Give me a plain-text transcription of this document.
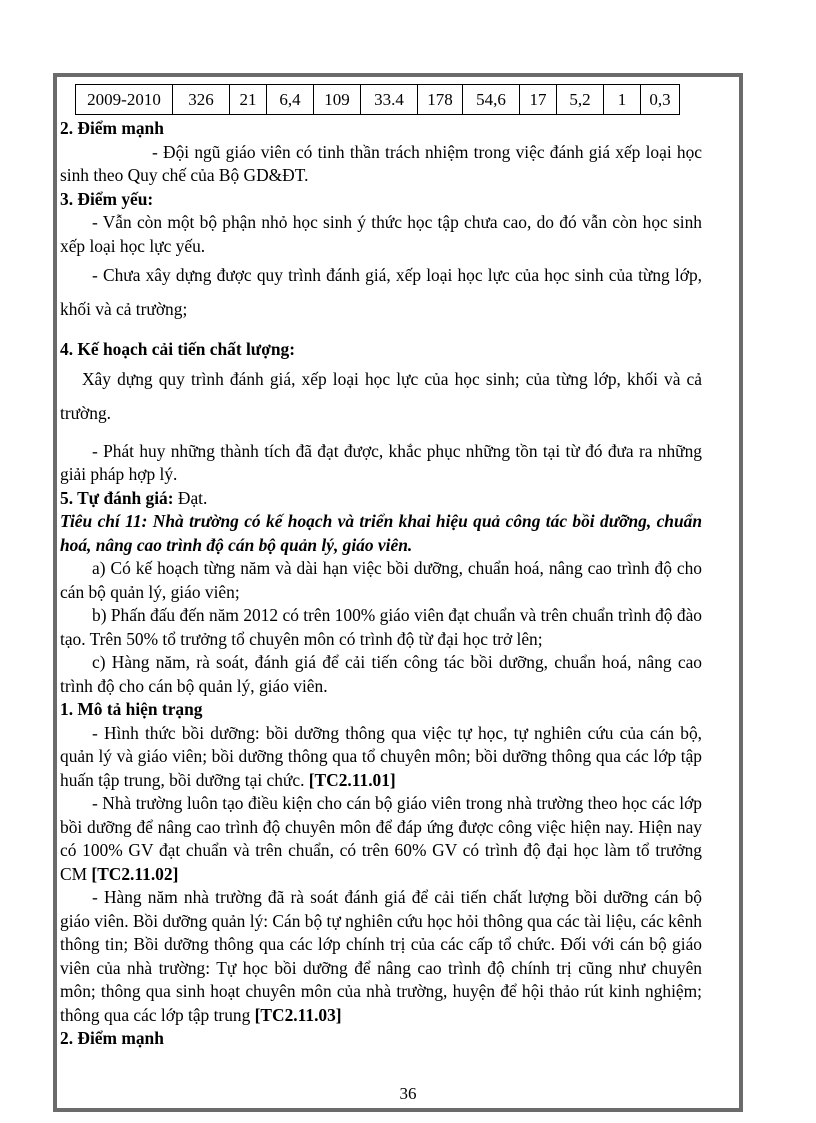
2009-2010	326	21	6,4	109	33.4	178	54,6	17	5,2	1	0,3

2. Điểm mạnh

- Đội ngũ giáo viên có tinh thần trách nhiệm trong việc đánh giá xếp loại học sinh theo Quy chế của Bộ GD&ĐT.

3. Điểm yếu:

- Vẫn còn một bộ phận nhỏ học sinh ý thức học tập chưa cao, do đó vẫn còn học sinh xếp loại học lực yếu.

- Chưa xây dựng được quy trình đánh giá, xếp loại học lực của học sinh của từng lớp, khối và cả trường;

4. Kế hoạch cải tiến chất lượng:

Xây dựng quy trình đánh giá, xếp loại học lực của học sinh; của từng lớp, khối và cả trường.

- Phát huy những thành tích đã đạt được, khắc phục những tồn tại từ đó đưa ra những giải pháp hợp lý.

5. Tự đánh giá: Đạt.

Tiêu chí 11: Nhà trường có kế hoạch và triển khai hiệu quả công tác bồi dưỡng, chuẩn hoá, nâng cao trình độ cán bộ quản lý, giáo viên.

a) Có kế hoạch từng năm và dài hạn việc bồi dưỡng, chuẩn hoá, nâng cao trình độ cho cán bộ quản lý, giáo viên;

b) Phấn đấu đến năm 2012 có trên 100% giáo viên đạt chuẩn và trên chuẩn trình độ đào tạo. Trên 50% tổ trưởng tổ chuyên môn có trình độ từ đại học trở lên;

c) Hàng năm, rà soát, đánh giá để cải tiến công tác bồi dưỡng, chuẩn hoá, nâng cao trình độ cho cán bộ quản lý, giáo viên.

1. Mô tả hiện trạng

- Hình thức bồi dưỡng: bồi dưỡng thông qua việc tự học, tự nghiên cứu của cán bộ, quản lý và giáo viên; bồi dưỡng thông qua tổ chuyên môn; bồi dưỡng thông qua các lớp tập huấn tập trung, bồi dưỡng tại chức. [TC2.11.01]

- Nhà trường luôn tạo điều kiện cho cán bộ giáo viên trong nhà trường theo học các lớp bồi dưỡng để nâng cao trình độ chuyên môn để đáp ứng được công việc hiện nay. Hiện nay có 100% GV đạt chuẩn và trên chuẩn, có trên 60% GV có trình độ đại học làm tổ trưởng CM [TC2.11.02]

- Hàng năm nhà trường đã rà soát đánh giá để cải tiến chất lượng bồi dưỡng cán bộ giáo viên. Bồi dưỡng quản lý: Cán bộ tự nghiên cứu học hỏi thông qua các tài liệu, các kênh thông tin; Bồi dưỡng thông qua các lớp chính trị của các cấp tổ chức. Đối với cán bộ giáo viên của nhà trường: Tự học bồi dưỡng để nâng cao trình độ chính trị cũng như chuyên môn; thông qua sinh hoạt chuyên môn của nhà trường, huyện để hội thảo rút kinh nghiệm; thông qua các lớp tập trung [TC2.11.03]

2. Điểm mạnh

36
